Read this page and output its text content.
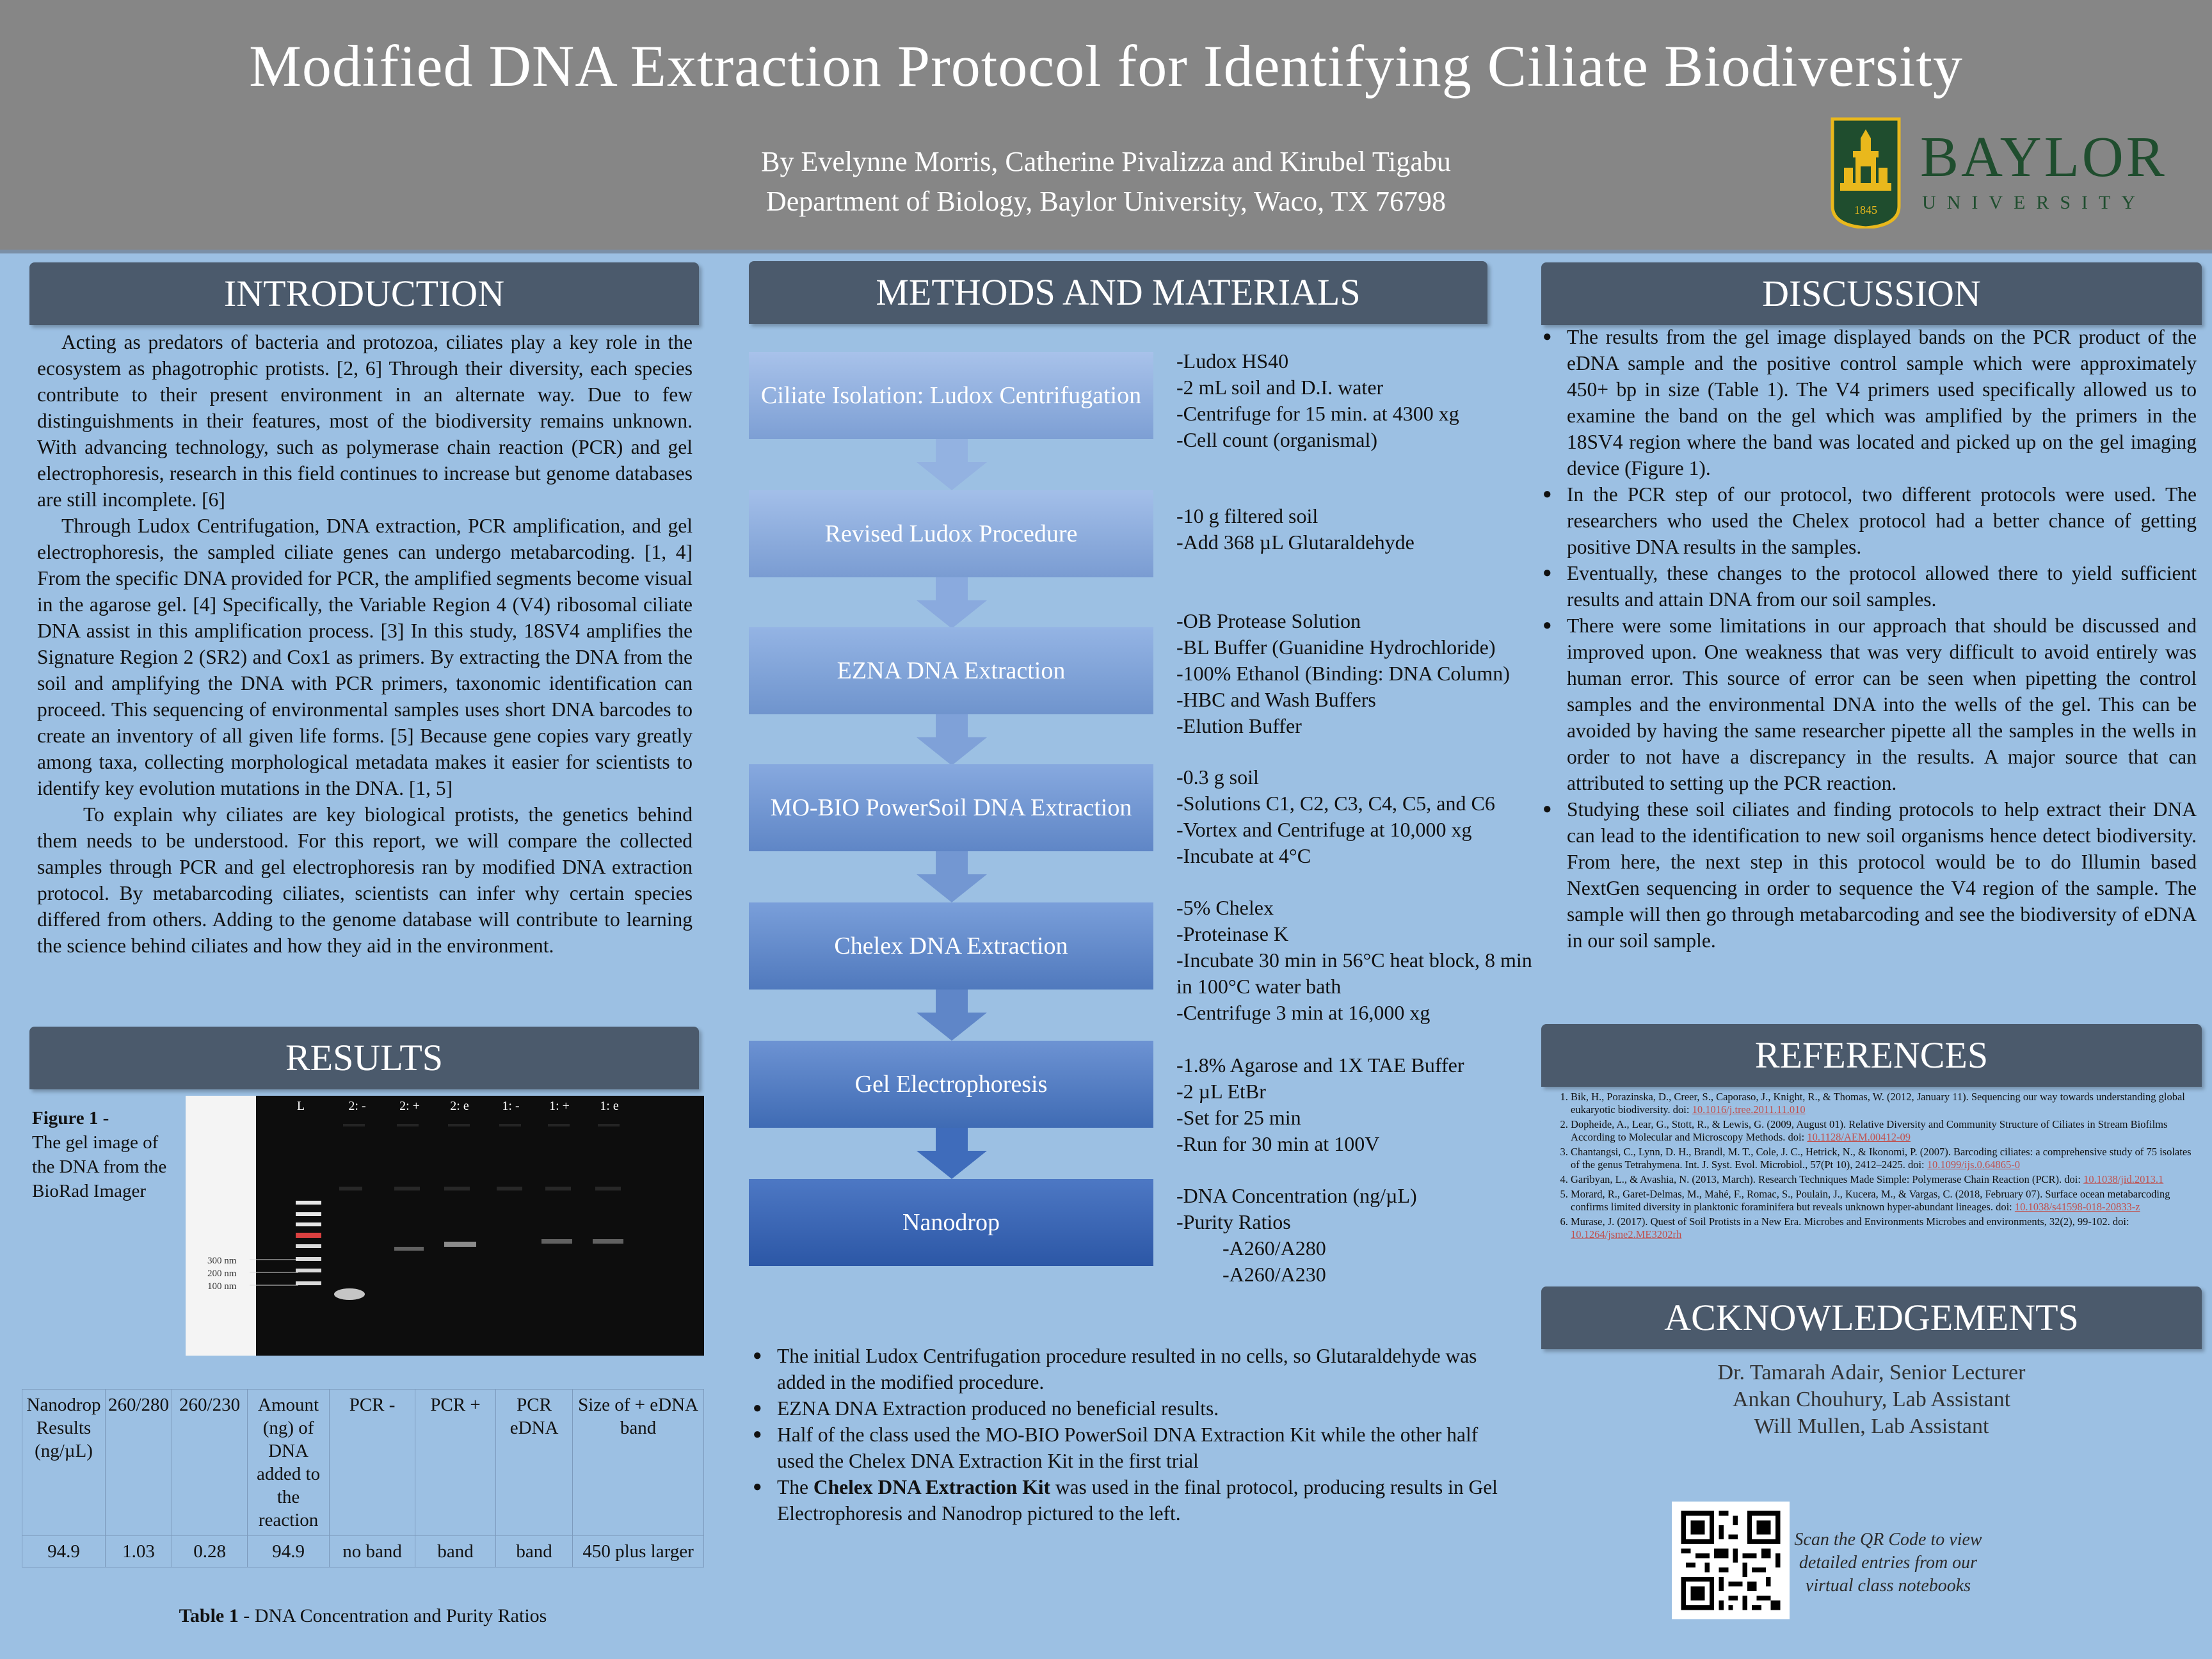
Modified DNA Extraction Protocol for Identifying Ciliate Biodiversity
By Evelynne Morris, Catherine Pivalizza and Kirubel Tigabu
Department of Biology, Baylor University, Waco, TX 76798	1845
BAYLOR
UNIVERSITY
INTRODUCTION

Acting as predators of bacteria and protozoa, ciliates play a key role in the ecosystem as phagotrophic protists. [2, 6] Through their diversity, each species contribute to their present environment in an alternate way. Due to few distinguishments in their features, most of the biodiversity remains unknown. With advancing technology, such as polymerase chain reaction (PCR) and gel electrophoresis, research in this field continues to increase but genome databases are still incomplete. [6]

Through Ludox Centrifugation, DNA extraction, PCR amplification, and gel electrophoresis, the sampled ciliate genes can undergo metabarcoding. [1, 4] From the specific DNA provided for PCR, the amplified segments become visual in the agarose gel. [4] Specifically, the Variable Region 4 (V4) ribosomal ciliate DNA assist in this amplification process. [3] In this study, 18SV4 amplifies the Signature Region 2 (SR2) and Cox1 as primers. By extracting the DNA from the soil and amplifying the DNA with PCR primers, taxonomic identification can proceed. This sequencing of environmental samples uses short DNA barcodes to create an inventory of all given life forms. [5] Because gene copies vary greatly among taxa, collecting morphological metadata makes it easier for scientists to identify key evolution mutations in the DNA. [1, 5]

To explain why ciliates are key biological protists, the genetics behind them needs to be understood. For this report, we will compare the collected samples through PCR and gel electrophoresis ran by modified DNA extraction protocol. By metabarcoding ciliates, scientists can infer why certain species differed from others. Adding to the genome database will contribute to learning the science behind ciliates and how they aid in the environment.

RESULTS
Figure 1 -
The gel image of the DNA from the BioRad Imager
L	2: -	2: + 2: e	1: - 1: + 1: e
300 nm
200 nm
100 nm
Nanodrop Results (ng/µL)	260/280	260/230	Amount (ng) of DNA added to the reaction	PCR -	PCR +	PCR eDNA	Size of + eDNA band
94.9	1.03	0.28	94.9	no band	band	band	450 plus larger
Table 1 - DNA Concentration and Purity Ratios
METHODS AND MATERIALS
Ciliate Isolation: Ludox Centrifugation
Revised Ludox Procedure
EZNA DNA Extraction
MO-BIO PowerSoil DNA Extraction
Chelex DNA Extraction
Gel Electrophoresis
Nanodrop
-Ludox HS40
-2 mL soil and D.I. water
-Centrifuge for 15 min. at 4300 xg
-Cell count (organismal)
-10 g filtered soil
-Add 368 µL Glutaraldehyde
-OB Protease Solution
-BL Buffer (Guanidine Hydrochloride)
-100% Ethanol (Binding: DNA Column)
-HBC and Wash Buffers
-Elution Buffer
-0.3 g soil
-Solutions C1, C2, C3, C4, C5, and C6
-Vortex and Centrifuge at 10,000 xg
-Incubate at 4°C
-5% Chelex
-Proteinase K
-Incubate 30 min in 56°C heat block, 8 min in 100°C water bath
-Centrifuge 3 min at 16,000 xg
-1.8% Agarose and 1X TAE Buffer
-2 µL EtBr
-Set for 25 min
-Run for 30 min at 100V
-DNA Concentration (ng/µL)
-Purity Ratios
-A260/A280
-A260/A230
● The initial Ludox Centrifugation procedure resulted in no cells, so Glutaraldehyde was added in the modified procedure.
● EZNA DNA Extraction produced no beneficial results.
● Half of the class used the MO-BIO PowerSoil DNA Extraction Kit while the other half used the Chelex DNA Extraction Kit in the first trial
● The Chelex DNA Extraction Kit was used in the final protocol, producing results in Gel Electrophoresis and Nanodrop pictured to the left.
DISCUSSION
● The results from the gel image displayed bands on the PCR product of the eDNA sample and the positive control sample which were approximately 450+ bp in size (Table 1). The V4 primers used specifically allowed us to examine the band on the gel which was amplified by the primers in the 18SV4 region where the band was located and picked up on the gel imaging device (Figure 1).
● In the PCR step of our protocol, two different protocols were used. The researchers who used the Chelex protocol had a better chance of getting positive DNA results in the samples.
● Eventually, these changes to the protocol allowed there to yield sufficient results and attain DNA from our soil samples.
● There were some limitations in our approach that should be discussed and improved upon. One weakness that was very difficult to avoid entirely was human error. This source of error can be seen when pipetting the control samples and the environmental DNA into the wells of the gel. This can be avoided by having the same researcher pipette all the samples in the wells in order to not have a discrepancy in the results. A major source that can attributed to setting up the PCR reaction.
● Studying these soil ciliates and finding protocols to help extract their DNA can lead to the identification to new soil organisms hence detect biodiversity. From here, the next step in this protocol would be to do Illumin based NextGen sequencing in order to sequence the V4 region of the sample. The sample will then go through metabarcoding and see the biodiversity of eDNA in our soil sample.
REFERENCES
1. Bik, H., Porazinska, D., Creer, S., Caporaso, J., Knight, R., & Thomas, W. (2012, January 11). Sequencing our way towards understanding global eukaryotic biodiversity. doi: 10.1016/j.tree.2011.11.010
2. Dopheide, A., Lear, G., Stott, R., & Lewis, G. (2009, August 01). Relative Diversity and Community Structure of Ciliates in Stream Biofilms According to Molecular and Microscopy Methods. doi: 10.1128/AEM.00412-09
3. Chantangsi, C., Lynn, D. H., Brandl, M. T., Cole, J. C., Hetrick, N., & Ikonomi, P. (2007). Barcoding ciliates: a comprehensive study of 75 isolates of the genus Tetrahymena. Int. J. Syst. Evol. Microbiol., 57(Pt 10), 2412–2425. doi: 10.1099/ijs.0.64865-0
4. Garibyan, L., & Avashia, N. (2013, March). Research Techniques Made Simple: Polymerase Chain Reaction (PCR). doi: 10.1038/jid.2013.1
5. Morard, R., Garet-Delmas, M., Mahé, F., Romac, S., Poulain, J., Kucera, M., & Vargas, C. (2018, February 07). Surface ocean metabarcoding confirms limited diversity in planktonic foraminifera but reveals unknown hyper-abundant lineages. doi: 10.1038/s41598-018-20833-z
6. Murase, J. (2017). Quest of Soil Protists in a New Era. Microbes and Environments Microbes and environments, 32(2), 99-102. doi: 10.1264/jsme2.ME3202rh
ACKNOWLEDGEMENTS
Dr. Tamarah Adair, Senior Lecturer
Ankan Chouhury, Lab Assistant
Will Mullen, Lab Assistant
Scan the QR Code to view detailed entries from our virtual class notebooks
